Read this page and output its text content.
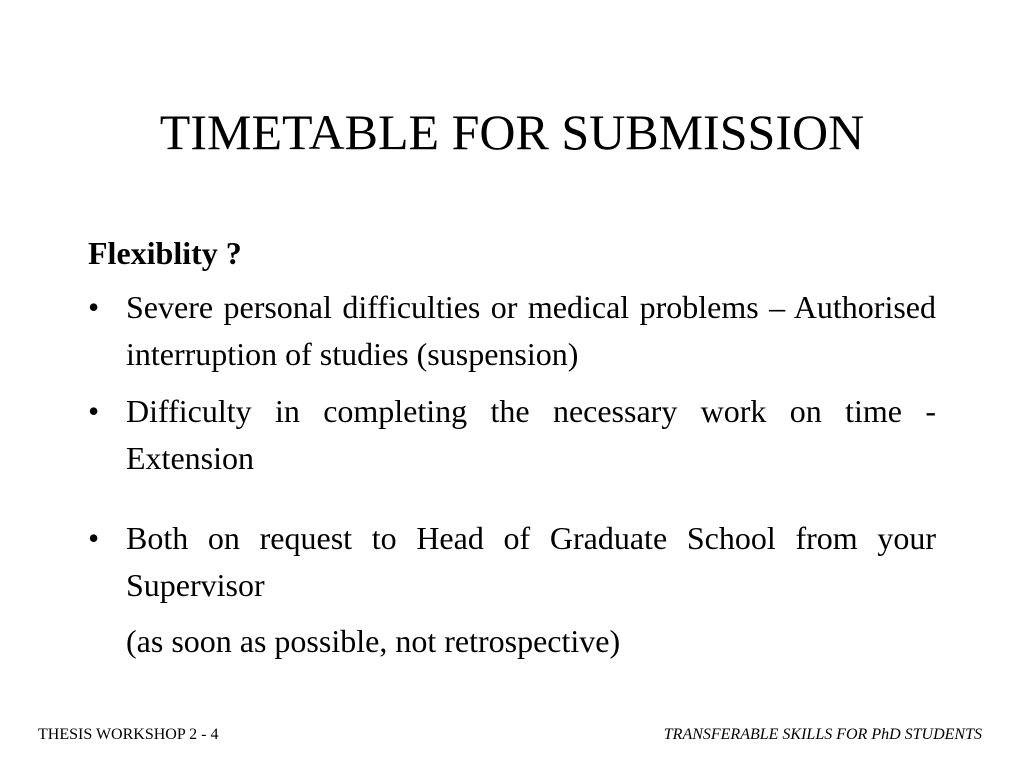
TIMETABLE FOR SUBMISSION
Flexiblity ?
• Severe personal difficulties or medical problems – Authorised interruption of studies (suspension)
• Difficulty in completing the necessary work on time - Extension
• Both on request to Head of Graduate School from your Supervisor
(as soon as possible, not retrospective)
THESIS WORKSHOP 2 - 4	TRANSFERABLE SKILLS FOR PhD STUDENTS
